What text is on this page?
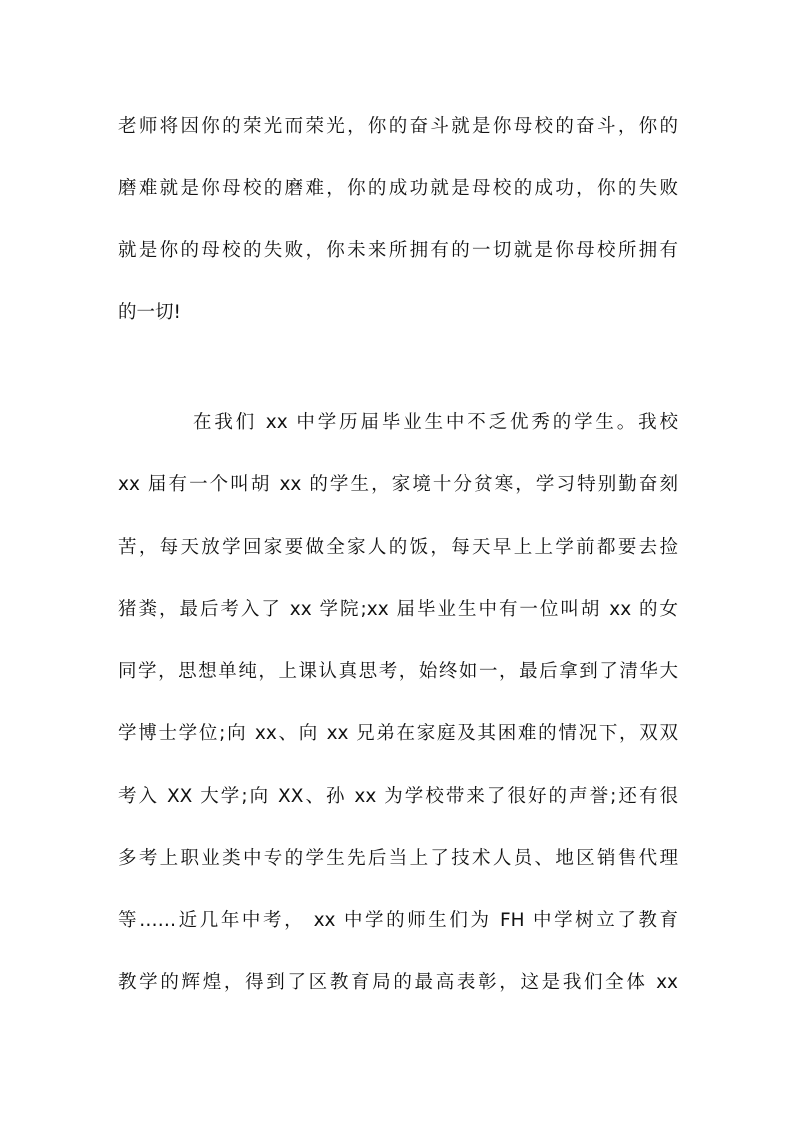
老师将因你的荣光而荣光，你的奋斗就是你母校的奋斗，你的
磨难就是你母校的磨难，你的成功就是母校的成功，你的失败
就是你的母校的失败，你未来所拥有的一切就是你母校所拥有
的一切!
在我们 xx 中学历届毕业生中不乏优秀的学生。我校
xx 届有一个叫胡 xx 的学生，家境十分贫寒，学习特别勤奋刻
苦，每天放学回家要做全家人的饭，每天早上上学前都要去捡
猪粪，最后考入了 xx 学院;xx 届毕业生中有一位叫胡 xx 的女
同学，思想单纯，上课认真思考，始终如一，最后拿到了清华大
学博士学位;向 xx、向 xx 兄弟在家庭及其困难的情况下，双双
考入 XX 大学;向 XX、孙 xx 为学校带来了很好的声誉;还有很
多考上职业类中专的学生先后当上了技术人员、地区销售代理
等……近几年中考， xx 中学的师生们为 FH 中学树立了教育
教学的辉煌，得到了区教育局的最高表彰，这是我们全体 xx
